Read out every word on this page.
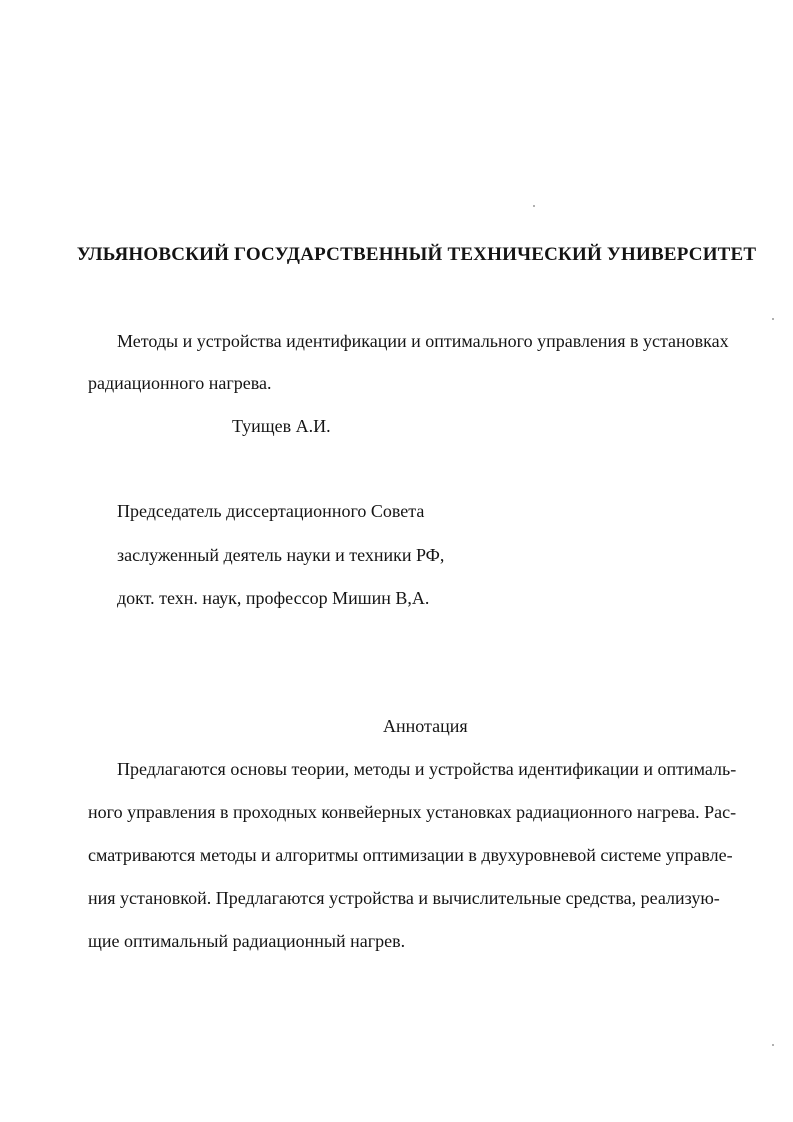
УЛЬЯНОВСКИЙ ГОСУДАРСТВЕННЫЙ ТЕХНИЧЕСКИЙ УНИВЕРСИТЕТ
Методы и устройства идентификации и оптимального управления в установках
радиационного нагрева.
Туищев А.И.
Председатель диссертационного Совета
заслуженный деятель науки и техники РФ,
докт. техн. наук, профессор Мишин В,А.
Аннотация
Предлагаются основы теории, методы и устройства идентификации и оптималь-
ного управления в проходных конвейерных установках радиационного нагрева. Рас-
сматриваются методы и алгоритмы оптимизации в двухуровневой системе управле-
ния установкой. Предлагаются устройства и вычислительные средства, реализую-
щие оптимальный радиационный нагрев.
